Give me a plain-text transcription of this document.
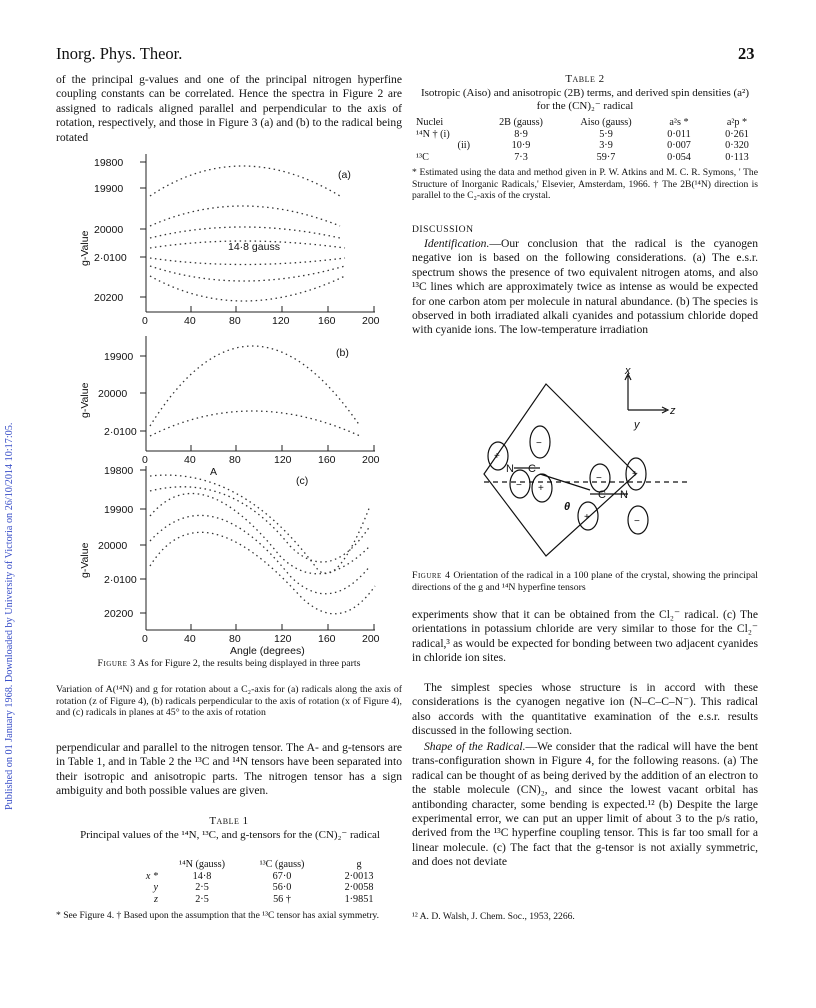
Inorg. Phys. Theor.	23
Published on 01 January 1968. Downloaded by University of Victoria on 26/10/2014 10:17:05.
of the principal g-values and one of the principal nitrogen hyperfine coupling constants can be correlated. Hence the spectra in Figure 2 are assigned to radicals aligned parallel and perpendicular to the axis of rotation, respectively, and those in Figure 3 (a) and (b) to the radical being rotated
19800
19900
20000
2·0100
20200
0	40	80	120	160	200
(a)
14·8 gauss
19900
20000
2·0100
0	40	80	120	160	200
(b)
19800
19900
20000
2·0100
20200
0	40	80	120	160	200
(c)
A
Angle (degrees)
g-Value
g-Value
g-Value
Figure 3 As for Figure 2, the results being displayed in three parts
Variation of A(¹⁴N) and g for rotation about a C₂-axis for (a) radicals along the axis of rotation (z of Figure 4), (b) radicals perpendicular to the axis of rotation (x of Figure 4), and (c) radicals in planes at 45° to the axis of rotation
perpendicular and parallel to the nitrogen tensor. The A- and g-tensors are in Table 1, and in Table 2 the ¹³C and ¹⁴N tensors have been separated into their isotropic and anisotropic parts. The nitrogen tensor has a sign ambiguity and both possible values are given.
Table 1
Principal values of the ¹⁴N, ¹³C, and g-tensors for the (CN)₂⁻ radical
	¹⁴N (gauss)	¹³C (gauss)	g
x *	14·8	67·0	2·0013
y	2·5	56·0	2·0058
z	2·5	56 †	1·9851
* See Figure 4. † Based upon the assumption that the ¹³C tensor has axial symmetry.
Table 2
Isotropic (Aiso) and anisotropic (2B) terms, and derived spin densities (a²) for the (CN)₂⁻ radical
Nuclei	2B (gauss)	Aiso (gauss)	a²s *	a²p *
¹⁴N † (i)	8·9	5·9	0·011	0·261
(ii)	10·9	3·9	0·007	0·320
¹³C	7·3	59·7	0·054	0·113
* Estimated using the data and method given in P. W. Atkins and M. C. R. Symons, ' The Structure of Inorganic Radicals,' Elsevier, Amsterdam, 1966. † The 2B(¹⁴N) direction is parallel to the C₂-axis of the crystal.
DISCUSSION
Identification.—Our conclusion that the radical is the cyanogen negative ion is based on the following considerations. (a) The e.s.r. spectrum shows the presence of two equivalent nitrogen atoms, and also ¹³C lines which are approximately twice as intense as would be expected for one carbon atom per molecule in natural abundance. (b) The species is observed in both irradiated alkali cyanides and potassium chloride doped with cyanide ions. The low-temperature irradiation
+
−
−
+
−
+
+
−
x
z
y
θ
N C
C N
Figure 4 Orientation of the radical in a 100 plane of the crystal, showing the principal directions of the g and ¹⁴N hyperfine tensors
experiments show that it can be obtained from the Cl₂⁻ radical. (c) The orientations in potassium chloride are very similar to those for the Cl₂⁻ radical,³ as would be expected for bonding between two adjacent cyanides in chloride ion sites.
The simplest species whose structure is in accord with these considerations is the cyanogen negative ion (N–C–C–N⁻). This radical also accords with the quantitative examination of the e.s.r. results discussed in the following section.
Shape of the Radical.—We consider that the radical will have the bent trans-configuration shown in Figure 4, for the following reasons. (a) The radical can be thought of as being derived by the addition of an electron to the stable molecule (CN)₂, and since the lowest vacant orbital has antibonding character, some bending is expected.¹² (b) Despite the large experimental error, we can put an upper limit of about 3 to the p/s ratio, derived from the ¹³C hyperfine coupling tensor. This is far too small for a linear molecule. (c) The fact that the g-tensor is not axially symmetric, and does not deviate
¹² A. D. Walsh, J. Chem. Soc., 1953, 2266.
